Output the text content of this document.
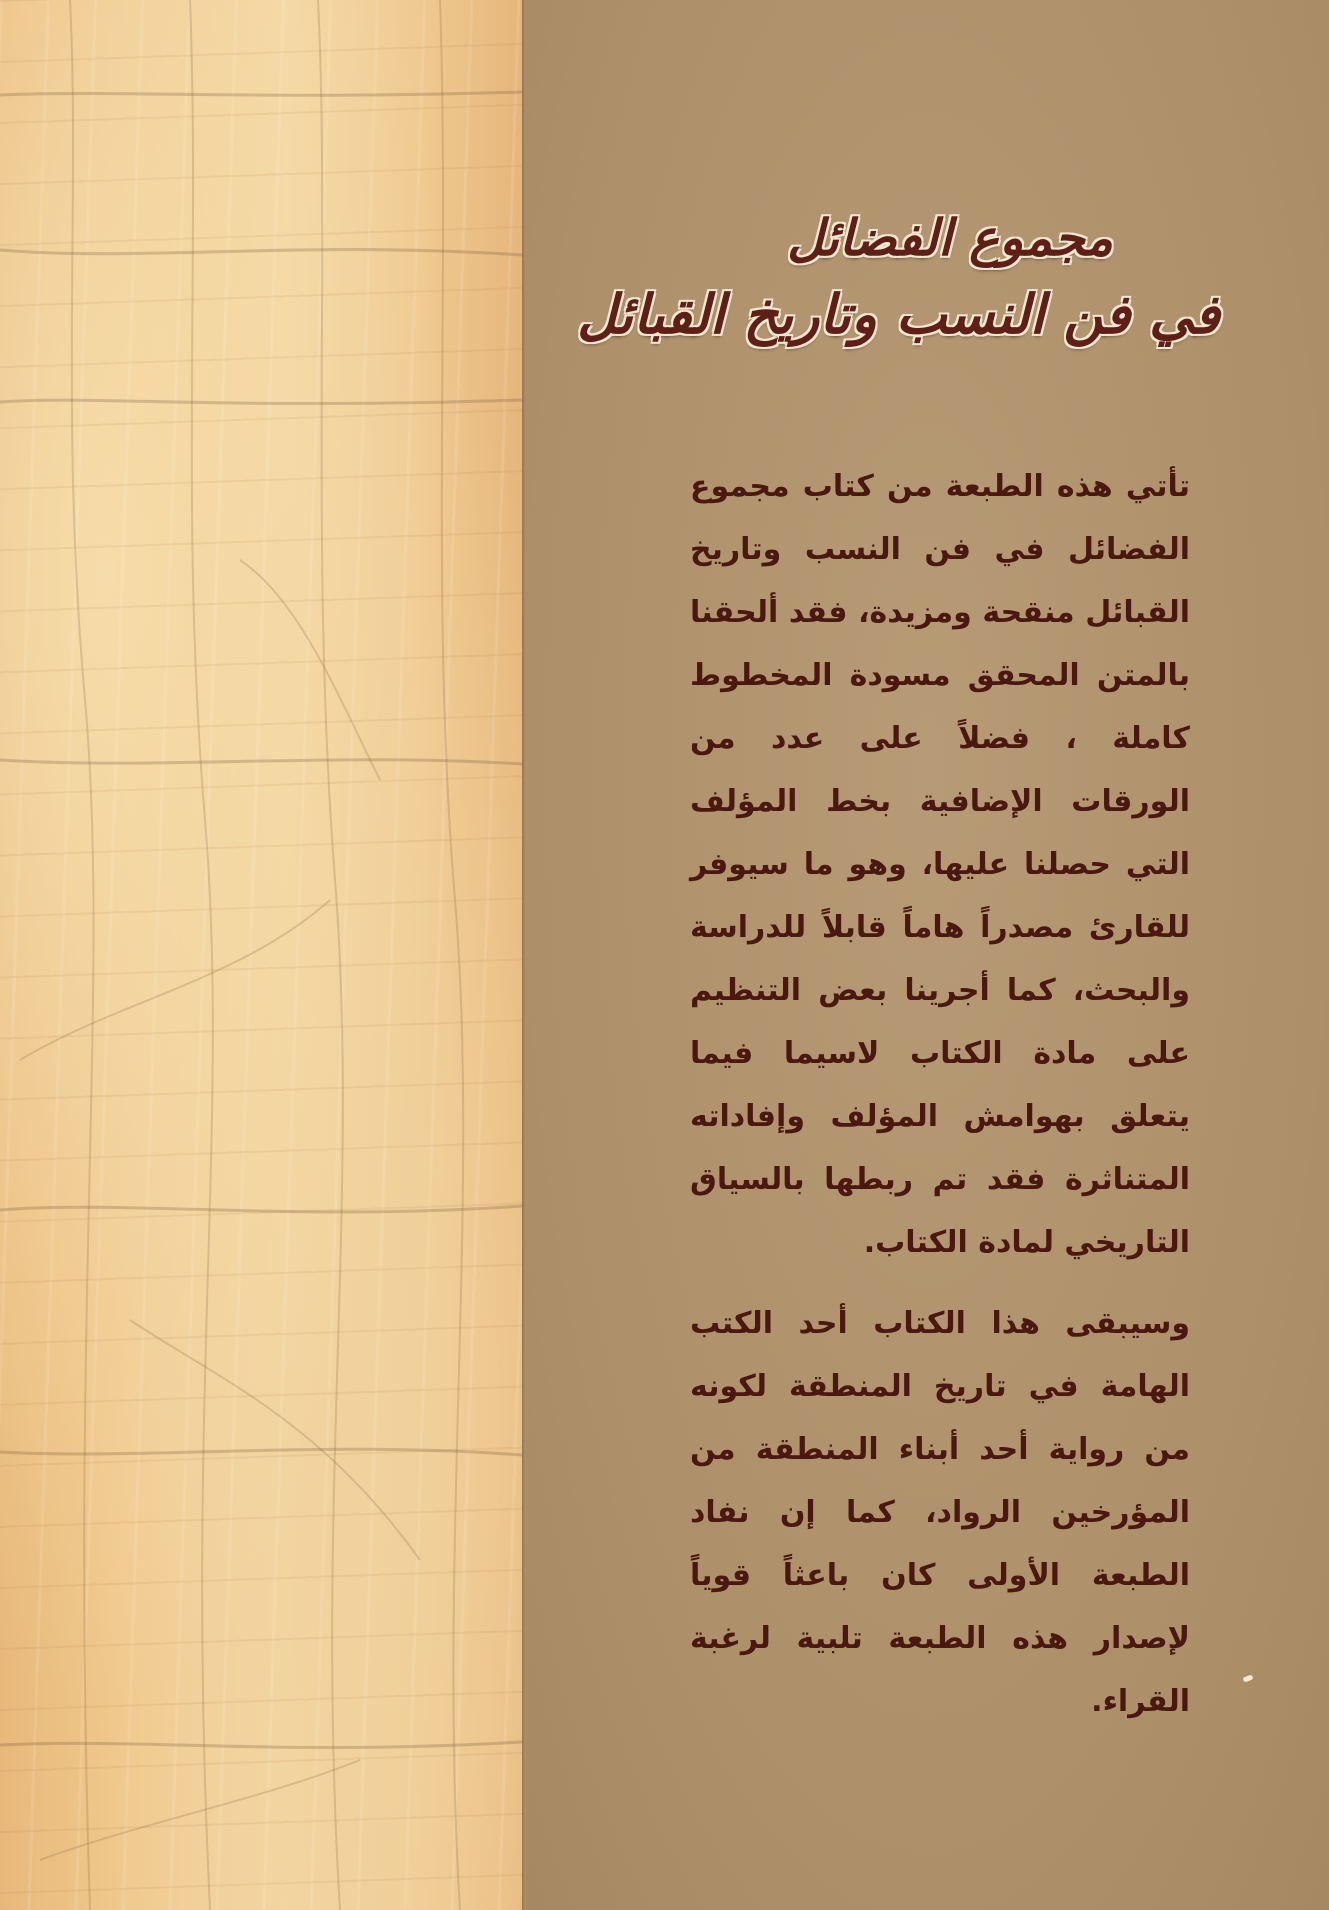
مجموع الفضائل
في فن النسب وتاريخ القبائل

تأتي هذه الطبعة من كتاب مجموع الفضائل في فن النسب وتاريخ القبائل منقحة ومزيدة، فقد ألحقنا بالمتن المحقق مسودة المخطوط كاملة ، فضلاً على عدد من الورقات الإضافية بخط المؤلف التي حصلنا عليها، وهو ما سيوفر للقارئ مصدراً هاماً قابلاً للدراسة والبحث، كما أجرينا بعض التنظيم على مادة الكتاب لاسيما فيما يتعلق بهوامش المؤلف وإفاداته المتناثرة فقد تم ربطها بالسياق التاريخي لمادة الكتاب.

وسيبقى هذا الكتاب أحد الكتب الهامة في تاريخ المنطقة لكونه من رواية أحد أبناء المنطقة من المؤرخين الرواد، كما إن نفاد الطبعة الأولى كان باعثاً قوياً لإصدار هذه الطبعة تلبية لرغبة القراء.
